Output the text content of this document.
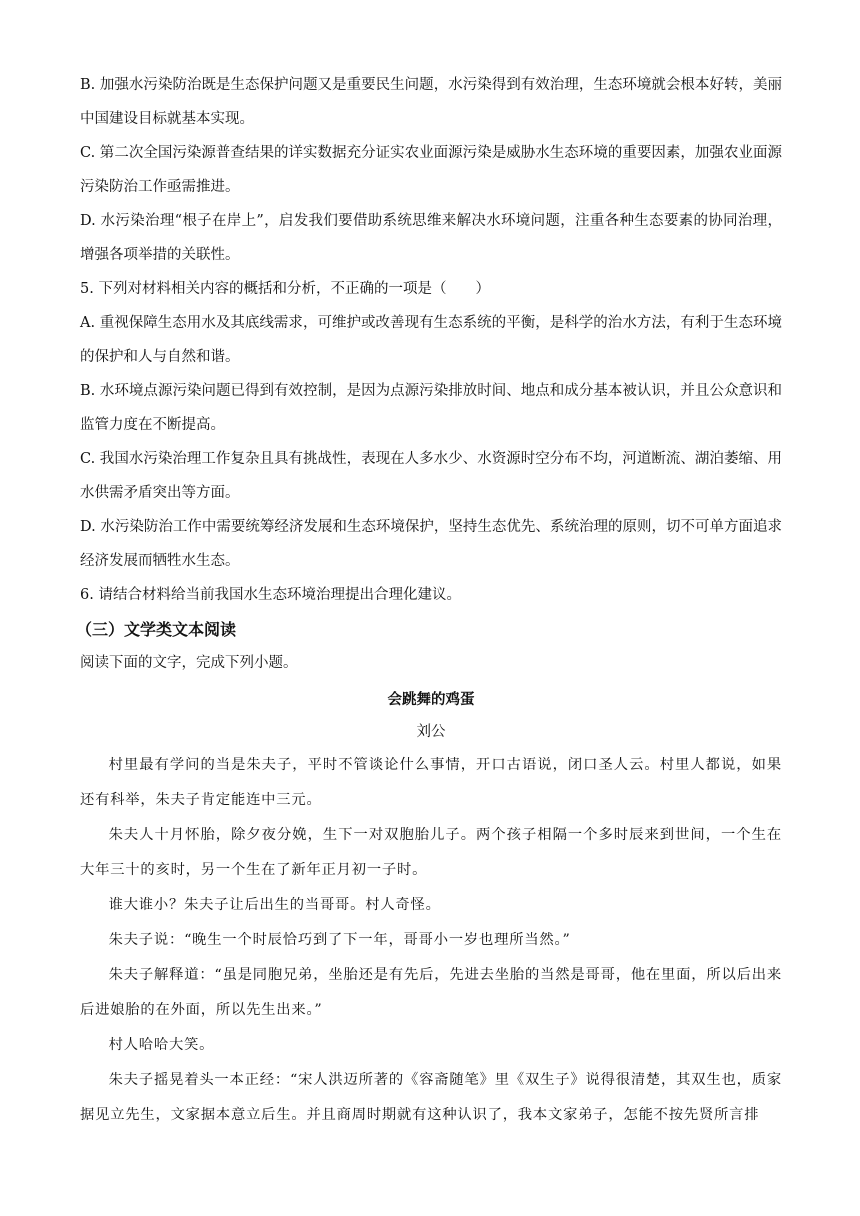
B. 加强水污染防治既是生态保护问题又是重要民生问题，水污染得到有效治理，生态环境就会根本好转，美丽中国建设目标就基本实现。

C. 第二次全国污染源普查结果的详实数据充分证实农业面源污染是威胁水生态环境的重要因素，加强农业面源污染防治工作亟需推进。

D. 水污染治理“根子在岸上”，启发我们要借助系统思维来解决水环境问题，注重各种生态要素的协同治理，增强各项举措的关联性。

5. 下列对材料相关内容的概括和分析，不正确的一项是（　　）

A. 重视保障生态用水及其底线需求，可维护或改善现有生态系统的平衡，是科学的治水方法，有利于生态环境的保护和人与自然和谐。

B. 水环境点源污染问题已得到有效控制，是因为点源污染排放时间、地点和成分基本被认识，并且公众意识和监管力度在不断提高。

C. 我国水污染治理工作复杂且具有挑战性，表现在人多水少、水资源时空分布不均，河道断流、湖泊萎缩、用水供需矛盾突出等方面。

D. 水污染防治工作中需要统筹经济发展和生态环境保护，坚持生态优先、系统治理的原则，切不可单方面追求经济发展而牺牲水生态。

6. 请结合材料给当前我国水生态环境治理提出合理化建议。

（三）文学类文本阅读

阅读下面的文字，完成下列小题。

会跳舞的鸡蛋

刘公

村里最有学问的当是朱夫子，平时不管谈论什么事情，开口古语说，闭口圣人云。村里人都说，如果还有科举，朱夫子肯定能连中三元。

朱夫人十月怀胎，除夕夜分娩，生下一对双胞胎儿子。两个孩子相隔一个多时辰来到世间，一个生在大年三十的亥时，另一个生在了新年正月初一子时。

谁大谁小？朱夫子让后出生的当哥哥。村人奇怪。

朱夫子说：“晚生一个时辰恰巧到了下一年，哥哥小一岁也理所当然。”

朱夫子解释道：“虽是同胞兄弟，坐胎还是有先后，先进去坐胎的当然是哥哥，他在里面，所以后出来后进娘胎的在外面，所以先生出来。”

村人哈哈大笑。

朱夫子摇晃着头一本正经：“宋人洪迈所著的《容斋随笔》里《双生子》说得很清楚，其双生也，质家据见立先生，文家据本意立后生。并且商周时期就有这种认识了，我本文家弟子，怎能不按先贤所言排
